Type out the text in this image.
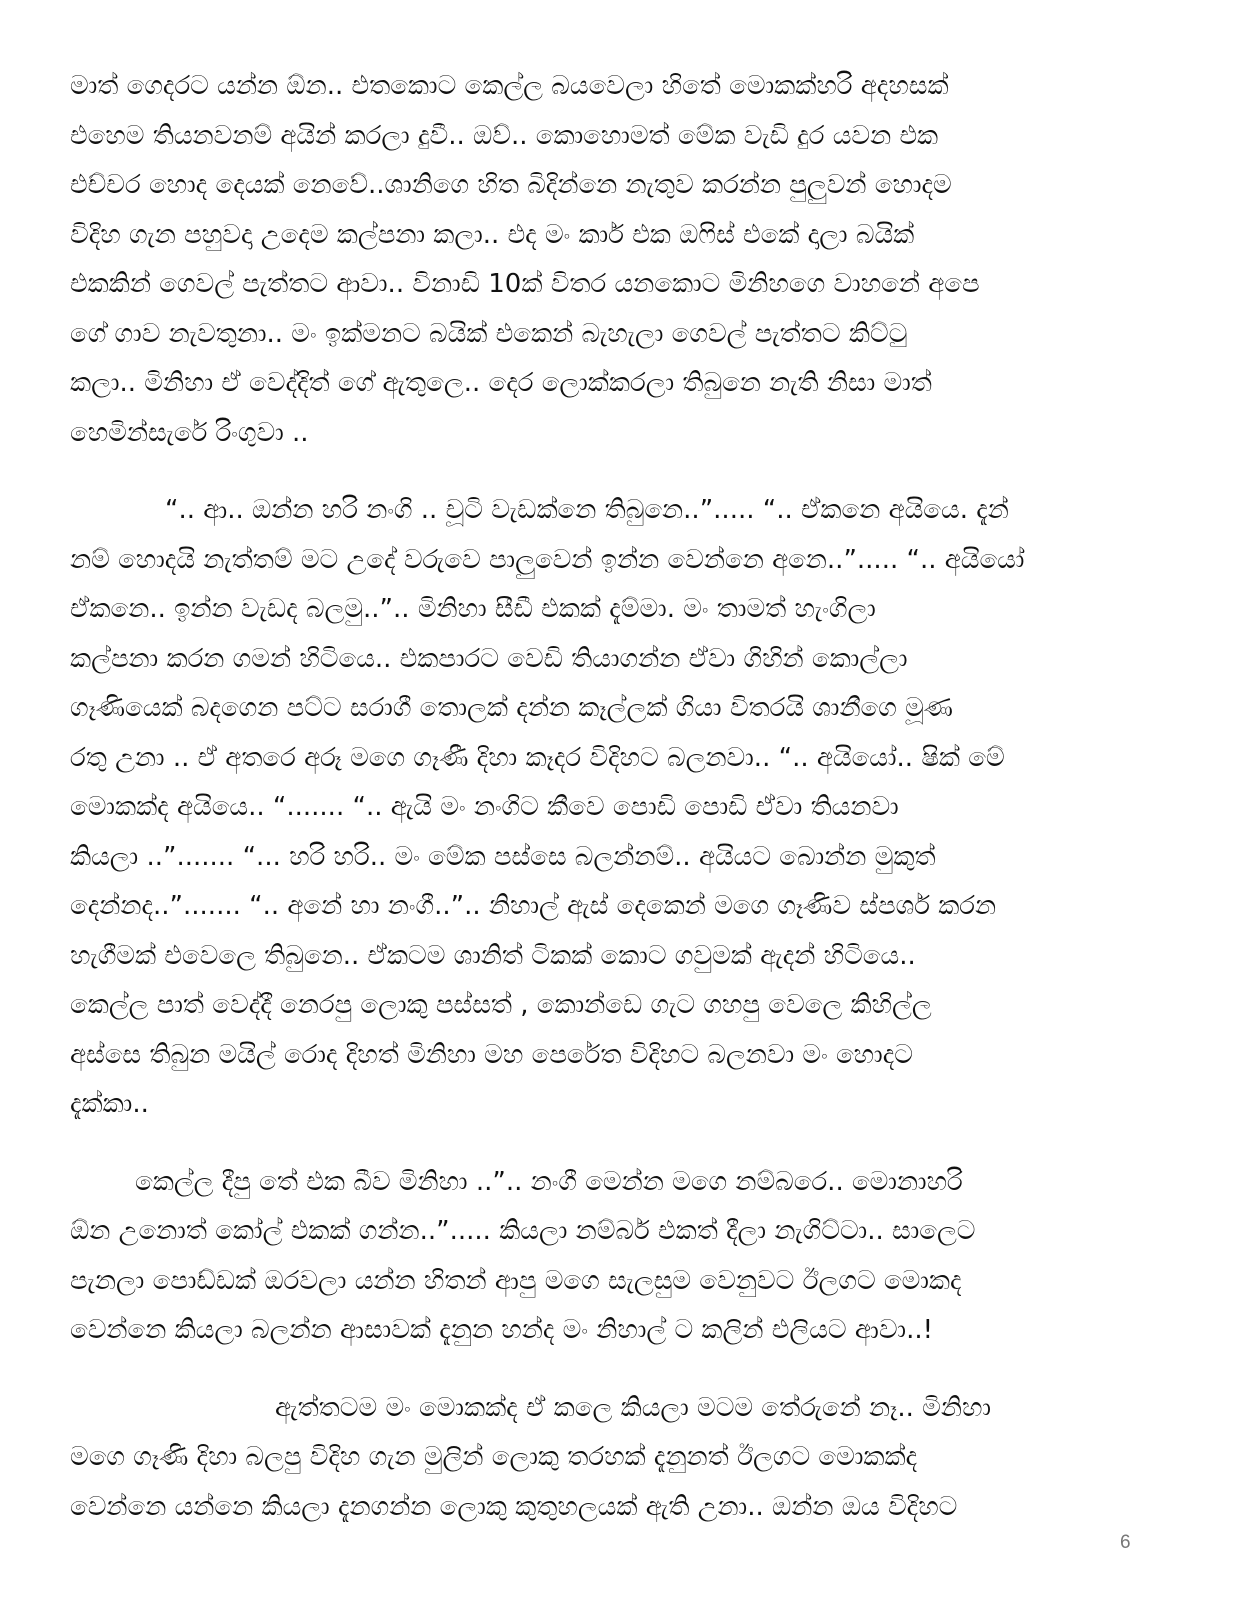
මාත් ගෙදරට යන්න ඕන.. එතකොට කෙල්ල බයවෙලා හිතේ මොකක්හරි අදහසක්
එහෙම තියනවනම් අයින් කරලා දුවී.. ඔව්.. කොහොමත් මේක වැඩි දුර යවන එක
එච්චර හොද දෙයක් නෙවේ..ශානිගෙ හිත බිදින්නෙ නැතුව කරන්න පුලුවන් හොදම
විදිහ ගැන පහුවදා උදෙම කල්පනා කලා.. එද මං කාර් එක ඔෆිස් එකේ දාලා බයික්
එකකින් ගෙවල් පැත්තට ආවා.. විනාඩි 10ක් විතර යනකොට මිනිහගෙ වාහනේ අපෙ
ගේ ගාව නැවතුනා.. මං ඉක්මනට බයික් එකෙන් බැහැලා ගෙවල් පැත්තට කිට්ටු
කලා.. මිනිහා ඒ වෙද්දිත් ගේ ඇතුලෙ.. දෙර ලොක්කරලා තිබුනෙ නැති නිසා මාත්
හෙමින්සැරේ රිංගුවා ..
“.. ආ.. ඔන්න හරි නංගි .. චූටි වැඩක්නෙ තිබුනෙ..”..... “.. ඒකනෙ අයියෙ. දැන්
නම් හොදයි නැත්තම් මට උදේ වරුවෙ පාලුවෙන් ඉන්න වෙන්නෙ අනෙ..”..... “.. අයියෝ
ඒකනෙ.. ඉන්න වැඩද බලමු..”.. මිනිහා සීඩී එකක් දැම්මා. මං තාමත් හැංගිලා
කල්පනා කරන ගමන් හිටියෙ.. එකපාරට වෙඩි තියාගන්න ඒවා ගිහින් කොල්ලා
ගෑණියෙක් බදගෙන පට්ට සරාගී තොලක් දන්න කෑල්ලක් ගියා විතරයි ශානීගෙ මූණ
රතු උනා .. ඒ අතරෙ අරූ මගෙ ගෑණී දිහා කෑදර විදිහට බලනවා.. “.. අයියෝ.. ෂික් මේ
මොකක්ද අයියෙ.. “....... “.. ඇයි මං නංගිට කීවෙ පොඩි පොඩි ඒවා තියනවා
කියලා ..”....... “... හරි හරි.. මං මේක පස්සෙ බලන්නම්.. අයියට බොන්න මුකුත්
දෙන්නද..”....... “.. අනේ හා නංගී..”.. නිහාල් ඇස් දෙකෙන් මගෙ ගෑණිව ස්පර්ශ කරන
හැගීමක් එවෙලෙ තිබුනෙ.. ඒකටම ශානිත් ටිකක් කොට ගවුමක් ඇදන් හිටියෙ..
කෙල්ල පාත් වෙද්දී නෙරපු ලොකු පස්සත් , කොන්ඩෙ ගැට ගහපු වෙලෙ කිහිල්ල
අස්සෙ තිබුන මයිල් රොද දිහත් මිනිහා මහ පෙරේත විදිහට බලනවා මං හොදට
දැක්කා..
කෙල්ල දීපු තේ එක බීව මිනිහා ..”.. නංගී මෙන්න මගෙ නම්බරෙ.. මොනාහරි
ඕන උනොත් කෝල් එකක් ගන්න..”..... කියලා නම්බර් එකත් දීලා නැගිට්ටා.. සාලෙට
පැනලා පොඩ්ඩක් ඔරවලා යන්න හිතන් ආපු මගෙ සැලසුම වෙනුවට ඊලගට මොකද
වෙන්නෙ කියලා බලන්න ආසාවක් දැනුන හන්ද මං නිහාල් ට කලින් එලියට ආවා..!
ඇත්තටම මං මොකක්ද ඒ කලෙ කියලා මටම තේරුනේ නෑ.. මිනිහා
මගෙ ගෑණි දිහා බලපු විදිහ ගැන මුලින් ලොකු තරහක් දැනුනත් ඊලගට මොකක්ද
වෙන්නෙ යන්නෙ කියලා දැනගන්න ලොකු කුතුහලයක් ඇති උනා.. ඔන්න ඔය විදිහට
6
